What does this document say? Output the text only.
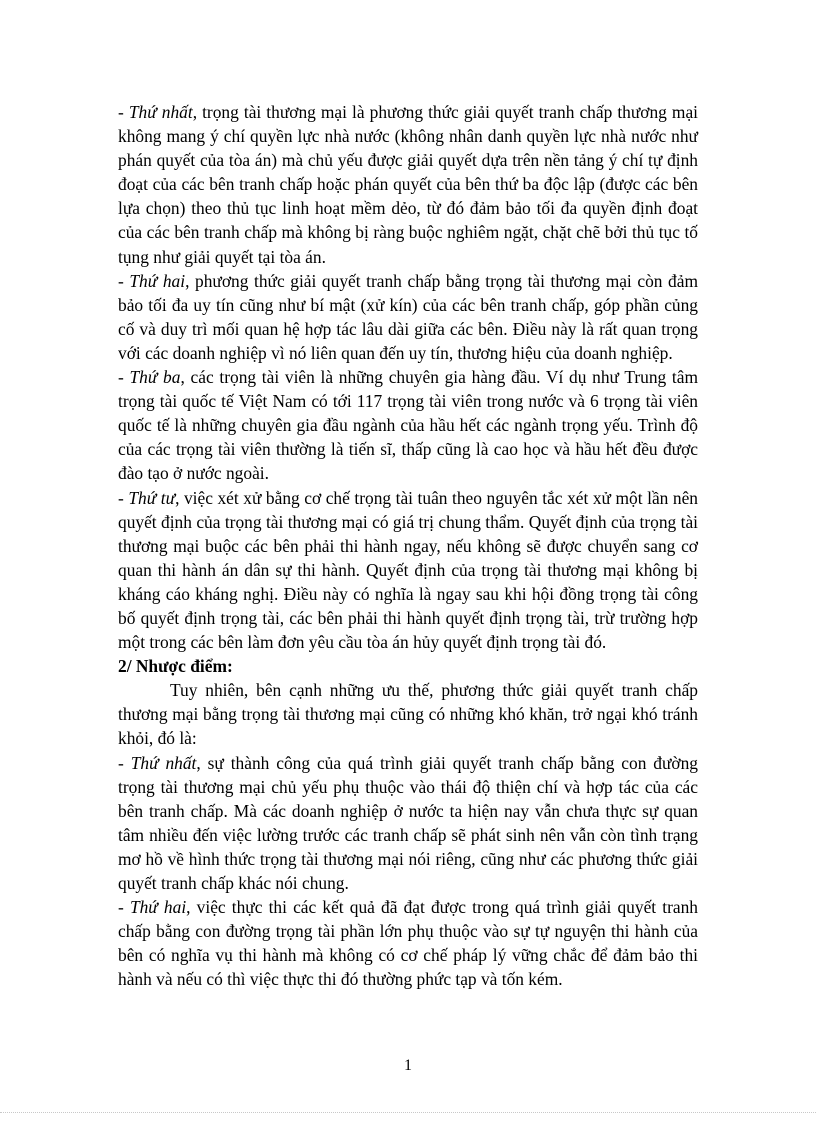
- Thứ nhất, trọng tài thương mại là phương thức giải quyết tranh chấp thương mại không mang ý chí quyền lực nhà nước (không nhân danh quyền lực nhà nước như phán quyết của tòa án) mà chủ yếu được giải quyết dựa trên nền tảng ý chí tự định đoạt của các bên tranh chấp hoặc phán quyết của bên thứ ba độc lập (được các bên lựa chọn) theo thủ tục linh hoạt mềm dẻo, từ đó đảm bảo tối đa quyền định đoạt của các bên tranh chấp mà không bị ràng buộc nghiêm ngặt, chặt chẽ bởi thủ tục tố tụng như giải quyết tại tòa án.

- Thứ hai, phương thức giải quyết tranh chấp bằng trọng tài thương mại còn đảm bảo tối đa uy tín cũng như bí mật (xử kín) của các bên tranh chấp, góp phần củng cố và duy trì mối quan hệ hợp tác lâu dài giữa các bên. Điều này là rất quan trọng với các doanh nghiệp vì nó liên quan đến uy tín, thương hiệu của doanh nghiệp.

- Thứ ba, các trọng tài viên là những chuyên gia hàng đầu. Ví dụ như Trung tâm trọng tài quốc tế Việt Nam có tới 117 trọng tài viên trong nước và 6 trọng tài viên quốc tế là những chuyên gia đầu ngành của hầu hết các ngành trọng yếu. Trình độ của các trọng tài viên thường là tiến sĩ, thấp cũng là cao học và hầu hết đều được đào tạo ở nước ngoài.

- Thứ tư, việc xét xử bằng cơ chế trọng tài tuân theo nguyên tắc xét xử một lần nên quyết định của trọng tài thương mại có giá trị chung thẩm. Quyết định của trọng tài thương mại buộc các bên phải thi hành ngay, nếu không sẽ được chuyển sang cơ quan thi hành án dân sự thi hành. Quyết định của trọng tài thương mại không bị kháng cáo kháng nghị. Điều này có nghĩa là ngay sau khi hội đồng trọng tài công bố quyết định trọng tài, các bên phải thi hành quyết định trọng tài, trừ trường hợp một trong các bên làm đơn yêu cầu tòa án hủy quyết định trọng tài đó.

2/ Nhược điểm:

Tuy nhiên, bên cạnh những ưu thế, phương thức giải quyết tranh chấp thương mại bằng trọng tài thương mại cũng có những khó khăn, trở ngại khó tránh khỏi, đó là:

- Thứ nhất, sự thành công của quá trình giải quyết tranh chấp bằng con đường trọng tài thương mại chủ yếu phụ thuộc vào thái độ thiện chí và hợp tác của các bên tranh chấp. Mà các doanh nghiệp ở nước ta hiện nay vẫn chưa thực sự quan tâm nhiều đến việc lường trước các tranh chấp sẽ phát sinh nên vẫn còn tình trạng mơ hồ về hình thức trọng tài thương mại nói riêng, cũng như các phương thức giải quyết tranh chấp khác nói chung.

- Thứ hai, việc thực thi các kết quả đã đạt được trong quá trình giải quyết tranh chấp bằng con đường trọng tài phần lớn phụ thuộc vào sự tự nguyện thi hành của bên có nghĩa vụ thi hành mà không có cơ chế pháp lý vững chắc để đảm bảo thi hành và nếu có thì việc thực thi đó thường phức tạp và tốn kém.

1
